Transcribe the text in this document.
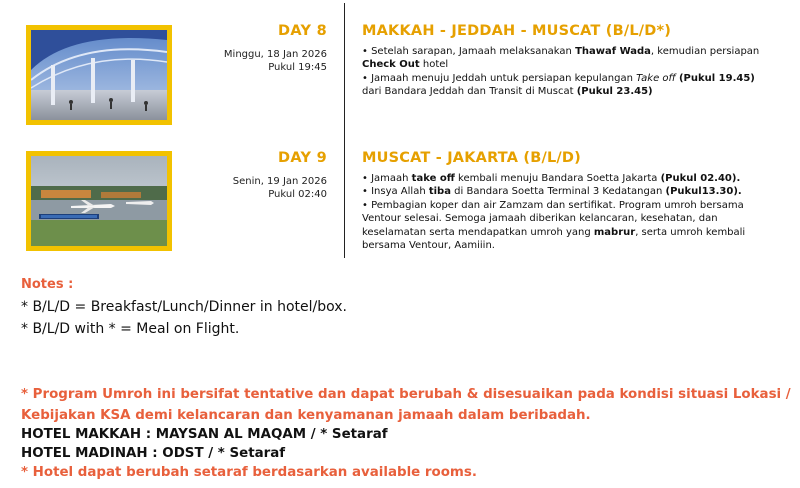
DAY 8
Minggu, 18 Jan 2026
Pukul 19:45
MAKKAH - JEDDAH - MUSCAT (B/L/D*)
• Setelah sarapan, Jamaah melaksanakan Thawaf Wada, kemudian persiapan Check Out hotel
• Jamaah menuju Jeddah untuk persiapan kepulangan Take off (Pukul 19.45) dari Bandara Jeddah dan Transit di Muscat (Pukul 23.45)
DAY 9
Senin, 19 Jan 2026
Pukul 02:40
MUSCAT - JAKARTA (B/L/D)
• Jamaah take off kembali menuju Bandara Soetta Jakarta (Pukul 02.40).
• Insya Allah tiba di Bandara Soetta Terminal 3 Kedatangan (Pukul13.30).
• Pembagian koper dan air Zamzam dan sertifikat. Program umroh bersama Ventour selesai. Semoga jamaah diberikan kelancaran, kesehatan, dan keselamatan serta mendapatkan umroh yang mabrur, serta umroh kembali bersama Ventour, Aamiiin.
Notes :
* B/L/D = Breakfast/Lunch/Dinner in hotel/box.
* B/L/D with * = Meal on Flight.
* Program Umroh ini bersifat tentative dan dapat berubah & disesuaikan pada kondisi situasi Lokasi / Kebijakan KSA demi kelancaran dan kenyamanan jamaah dalam beribadah.
HOTEL MAKKAH : MAYSAN AL MAQAM / * Setaraf
HOTEL MADINAH : ODST / * Setaraf
* Hotel dapat berubah setaraf berdasarkan available rooms.
